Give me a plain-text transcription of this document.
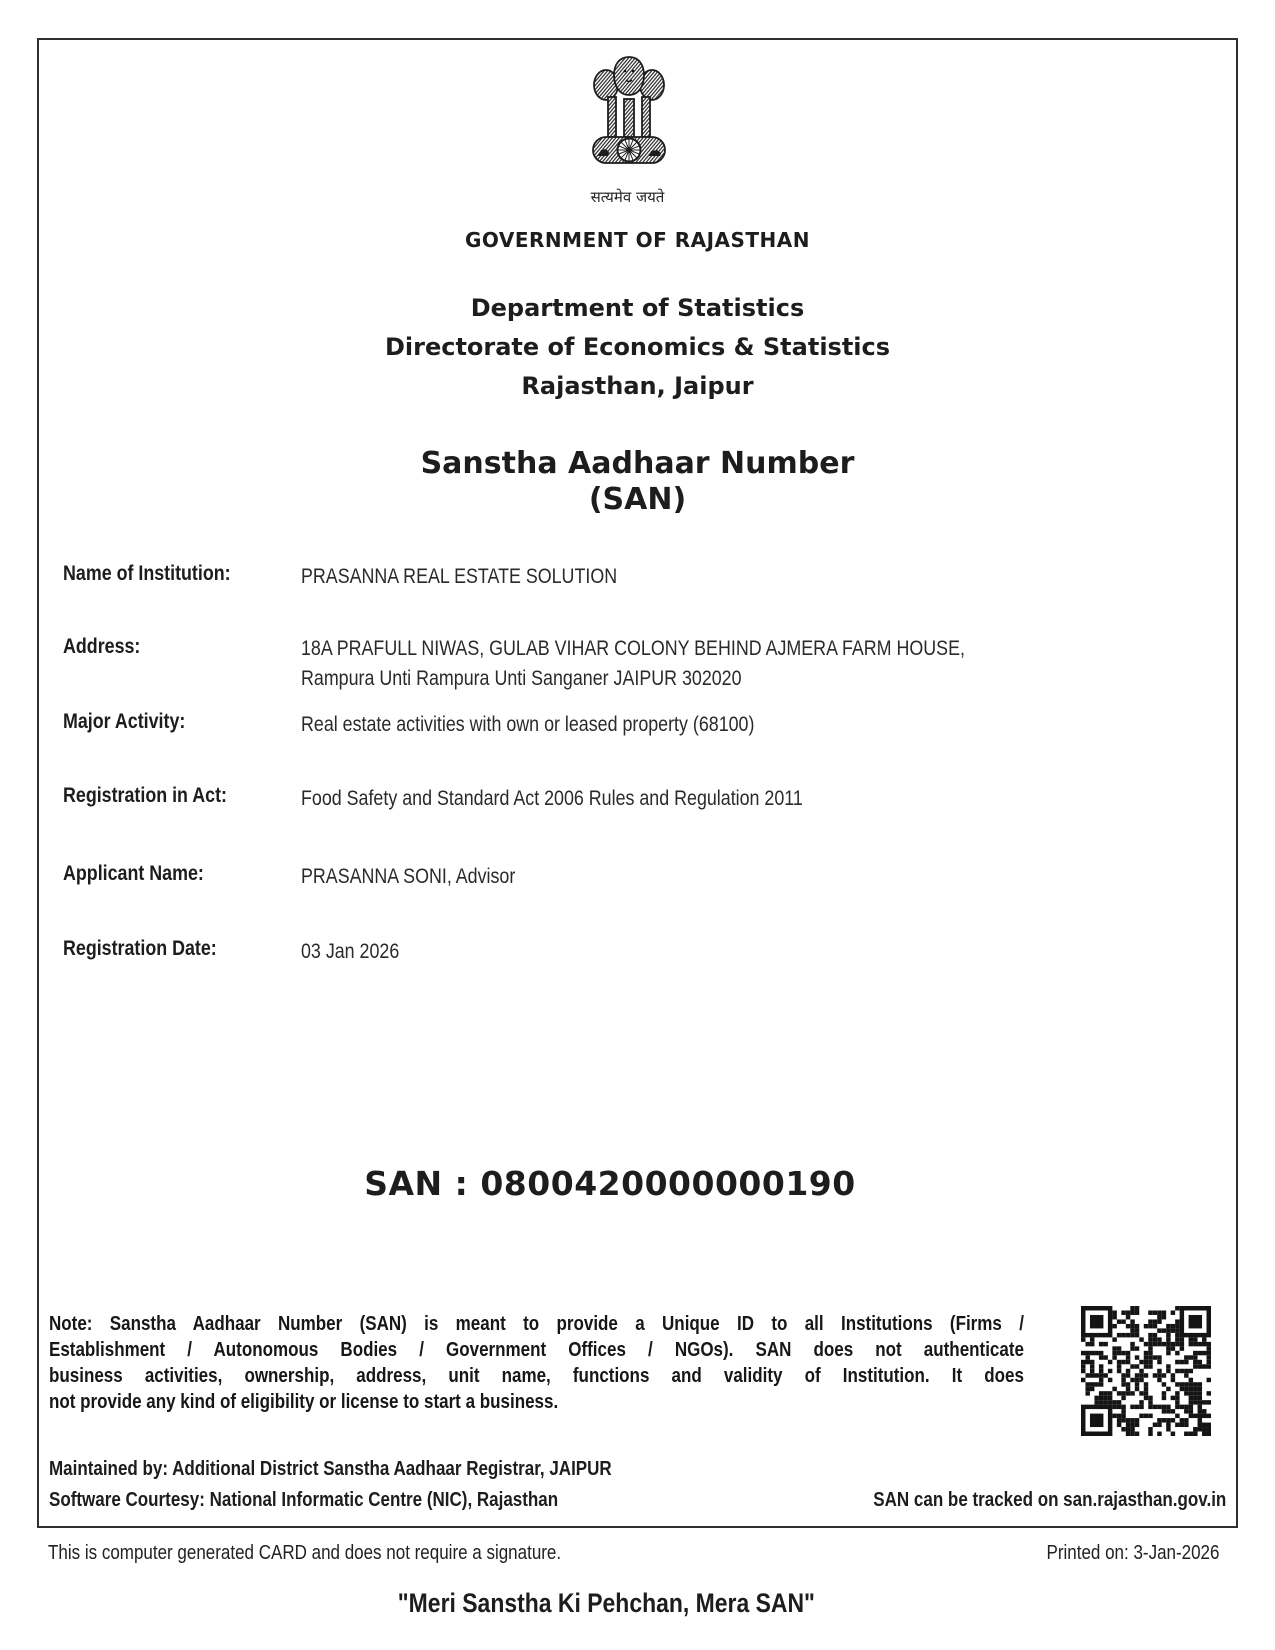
सत्यमेव जयते
GOVERNMENT OF RAJASTHAN
Department of Statistics
Directorate of Economics & Statistics
Rajasthan, Jaipur
Sanstha Aadhaar Number
(SAN)
Name of Institution:	PRASANNA REAL ESTATE SOLUTION
Address:	18A PRAFULL NIWAS, GULAB VIHAR COLONY BEHIND AJMERA FARM HOUSE,
Rampura Unti Rampura Unti Sanganer JAIPUR 302020
Major Activity:	Real estate activities with own or leased property (68100)
Registration in Act:	Food Safety and Standard Act 2006 Rules and Regulation 2011
Applicant Name:	PRASANNA SONI, Advisor
Registration Date:	03 Jan 2026
SAN : 0800420000000190
Note: Sanstha Aadhaar Number (SAN) is meant to provide a Unique ID to all Institutions (Firms /
Establishment / Autonomous Bodies / Government Offices / NGOs). SAN does not authenticate
business activities, ownership, address, unit name, functions and validity of Institution. It does
not provide any kind of eligibility or license to start a business.
Maintained by: Additional District Sanstha Aadhaar Registrar, JAIPUR
Software Courtesy: National Informatic Centre (NIC), Rajasthan	SAN can be tracked on san.rajasthan.gov.in
This is computer generated CARD and does not require a signature.	Printed on: 3-Jan-2026
"Meri Sanstha Ki Pehchan, Mera SAN"
